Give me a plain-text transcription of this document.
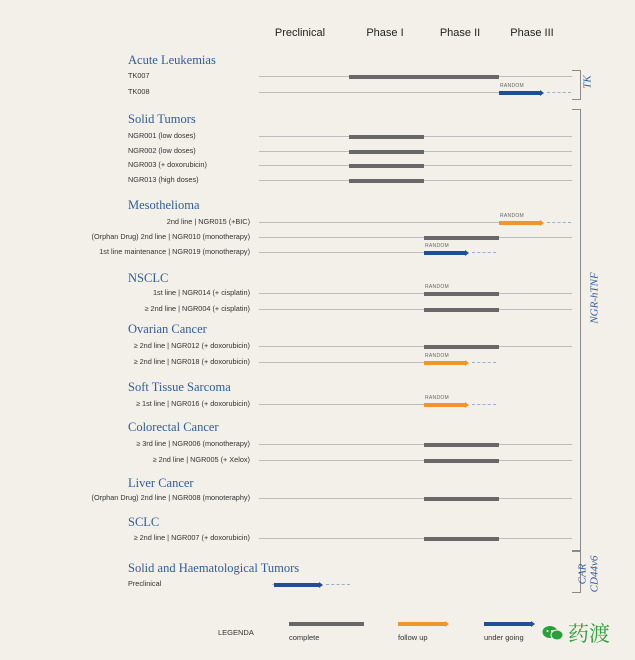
Preclinical	Phase I	Phase II	Phase III
Acute Leukemias
TK007
TK008
RANDOM
Solid Tumors
NGR001 (low doses)
NGR002 (low doses)
NGR003 (+ doxorubicin)
NGR013 (high doses)
Mesothelioma
2nd line | NGR015 (+BIC)
RANDOM
(Orphan Drug) 2nd line | NGR010 (monotherapy)
1st line maintenance | NGR019 (monotherapy)
RANDOM
NSCLC
1st line | NGR014 (+ cisplatin)
RANDOM
≥ 2nd line | NGR004 (+ cisplatin)
Ovarian Cancer
≥ 2nd line | NGR012 (+ doxorubicin)
≥ 2nd line | NGR018 (+ doxorubicin)
RANDOM
Soft Tissue Sarcoma
≥ 1st line | NGR016 (+ doxorubicin)
RANDOM
Colorectal Cancer
≥ 3rd line | NGR006 (monotherapy)
≥ 2nd line | NGR005 (+ Xelox)
Liver Cancer
(Orphan Drug) 2nd line | NGR008 (monoteraphy)
SCLC
≥ 2nd line | NGR007 (+ doxorubicin)
Solid and Haematological Tumors
Preclinical
TK
NGR-hTNF
CAR
CD44v6
LEGENDA
complete	follow up	under going 药渡
